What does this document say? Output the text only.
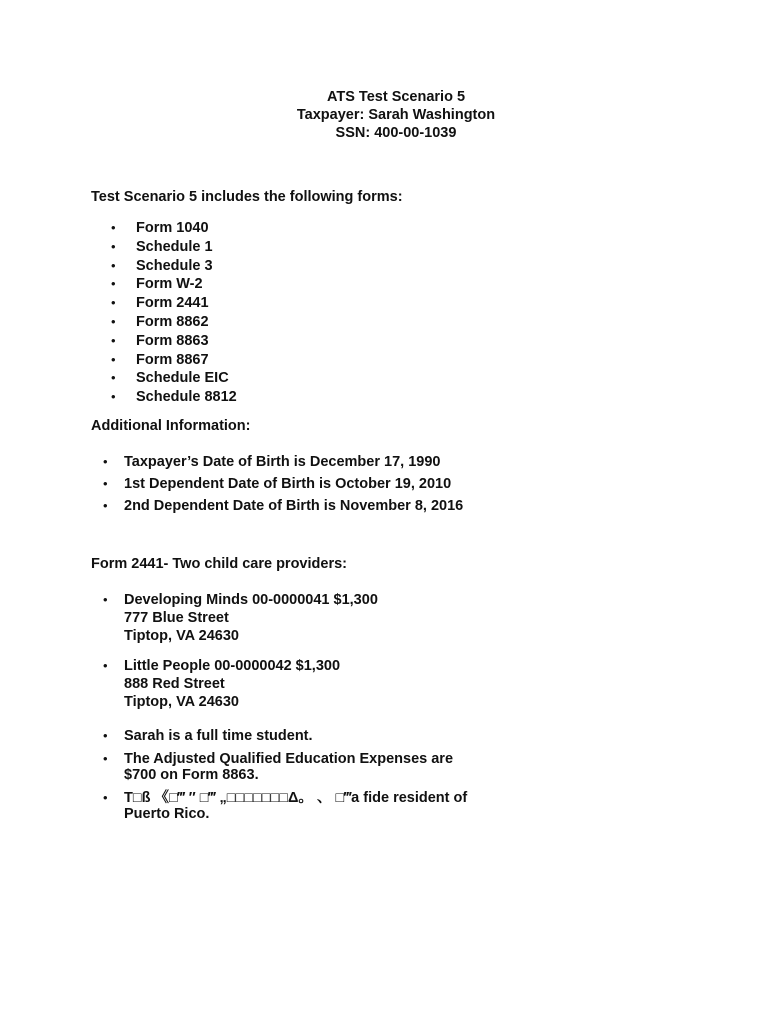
ATS Test Scenario 5
Taxpayer: Sarah Washington
SSN: 400-00-1039
Test Scenario 5 includes the following forms:
• Form 1040
• Schedule 1
• Schedule 3
• Form W-2
• Form 2441
• Form 8862
• Form 8863
• Form 8867
• Schedule EIC
• Schedule 8812
Additional Information:
• Taxpayer’s Date of Birth is December 17, 1990
• 1st Dependent Date of Birth is October 19, 2010
• 2nd Dependent Date of Birth is November 8, 2016
Form 2441- Two child care providers:
• Developing Minds 00-0000041 $1,300
777 Blue Street
Tiptop, VA 24630
• Little People 00-0000042 $1,300
888 Red Street
Tiptop, VA 24630
• Sarah is a full time student.
• The Adjusted Qualified Education Expenses are
$700 on Form 8863.
• T□ß 《□‴ ″ □‴ „□□□□□□□Δ。 、 □‴a fide resident of
Puerto Rico.
